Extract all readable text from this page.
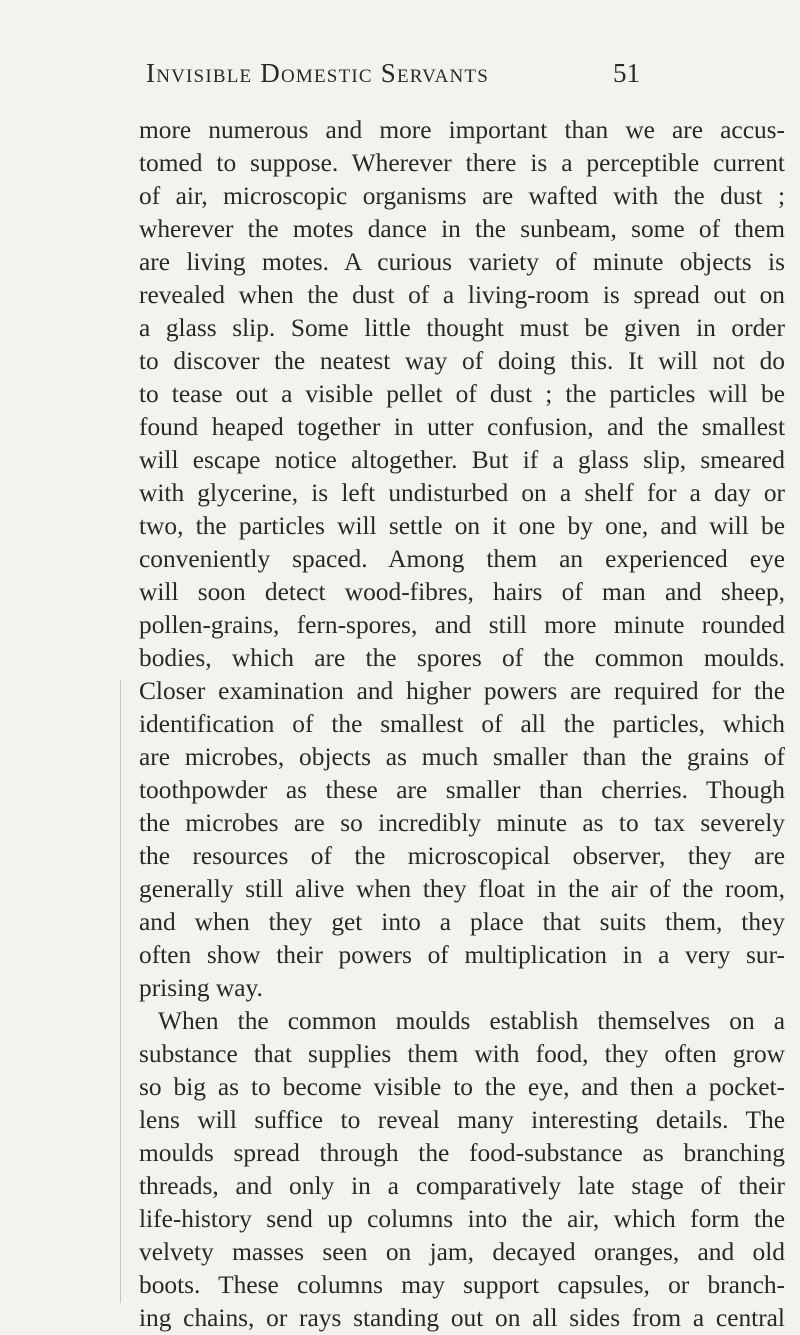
Invisible Domestic Servants	51
more numerous and more important than we are accus-
tomed to suppose. Wherever there is a perceptible current
of air, microscopic organisms are wafted with the dust ;
wherever the motes dance in the sunbeam, some of them
are living motes. A curious variety of minute objects is
revealed when the dust of a living-room is spread out on
a glass slip. Some little thought must be given in order
to discover the neatest way of doing this. It will not do
to tease out a visible pellet of dust ; the particles will be
found heaped together in utter confusion, and the smallest
will escape notice altogether. But if a glass slip, smeared
with glycerine, is left undisturbed on a shelf for a day or
two, the particles will settle on it one by one, and will be
conveniently spaced. Among them an experienced eye
will soon detect wood-fibres, hairs of man and sheep,
pollen-grains, fern-spores, and still more minute rounded
bodies, which are the spores of the common moulds.
Closer examination and higher powers are required for the
identification of the smallest of all the particles, which
are microbes, objects as much smaller than the grains of
toothpowder as these are smaller than cherries. Though
the microbes are so incredibly minute as to tax severely
the resources of the microscopical observer, they are
generally still alive when they float in the air of the room,
and when they get into a place that suits them, they
often show their powers of multiplication in a very sur-
prising way.
When the common moulds establish themselves on a
substance that supplies them with food, they often grow
so big as to become visible to the eye, and then a pocket-
lens will suffice to reveal many interesting details. The
moulds spread through the food-substance as branching
threads, and only in a comparatively late stage of their
life-history send up columns into the air, which form the
velvety masses seen on jam, decayed oranges, and old
boots. These columns may support capsules, or branch-
ing chains, or rays standing out on all sides from a central
